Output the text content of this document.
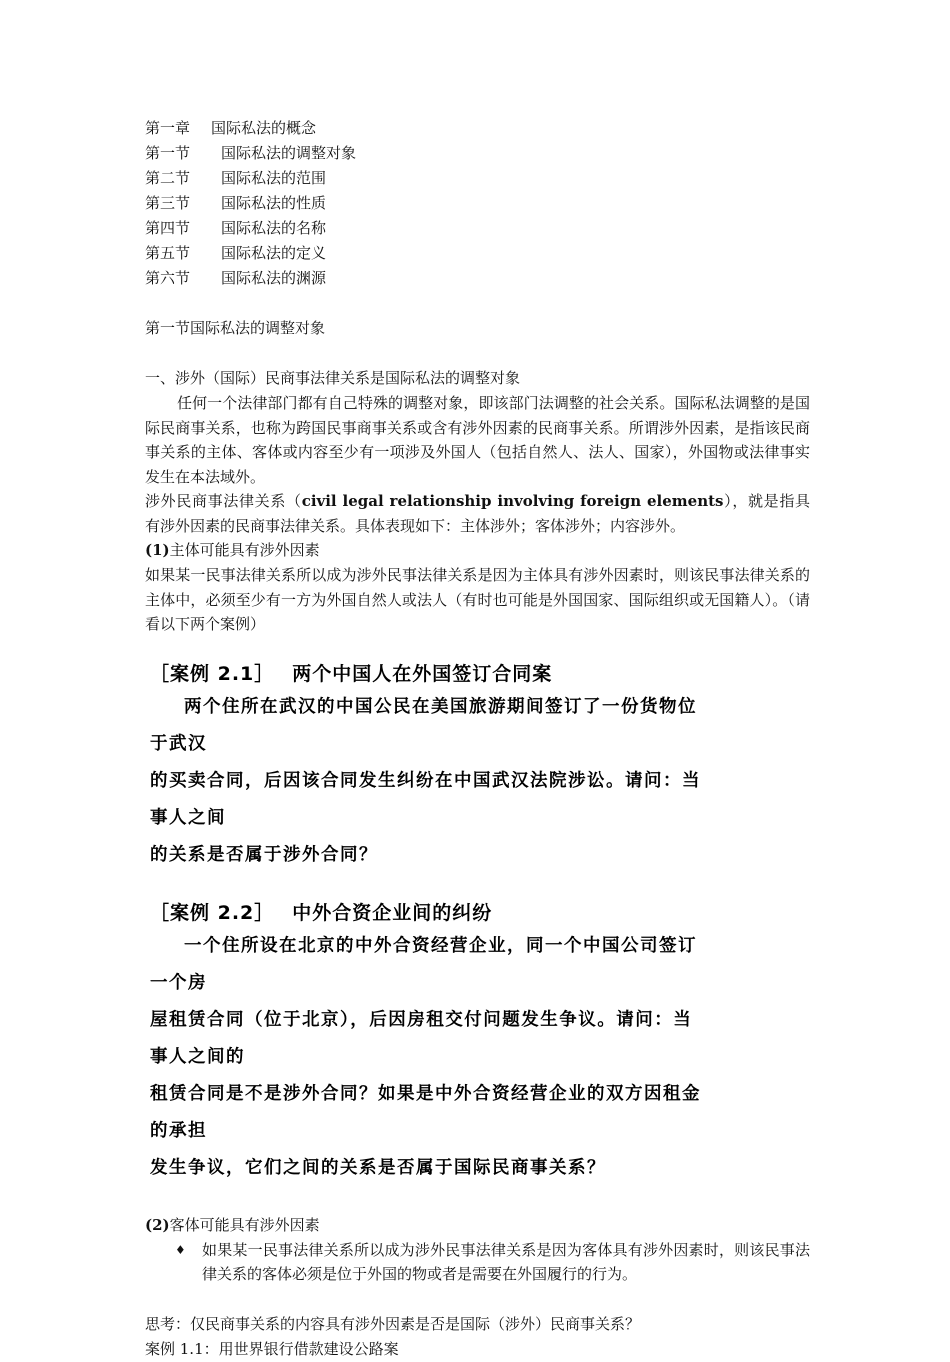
第一章	国际私法的概念
第一节	国际私法的调整对象
第二节	国际私法的范围
第三节	国际私法的性质
第四节	国际私法的名称
第五节	国际私法的定义
第六节	国际私法的渊源
第一节国际私法的调整对象
一、涉外（国际）民商事法律关系是国际私法的调整对象
任何一个法律部门都有自己特殊的调整对象，即该部门法调整的社会关系。国际私法调整的是国际民商事关系，也称为跨国民事商事关系或含有涉外因素的民商事关系。所谓涉外因素，是指该民商事关系的主体、客体或内容至少有一项涉及外国人（包括自然人、法人、国家），外国物或法律事实发生在本法域外。
涉外民商事法律关系（civil legal relationship involving foreign elements），就是指具有涉外因素的民商事法律关系。具体表现如下：主体涉外；客体涉外；内容涉外。
(1)主体可能具有涉外因素
如果某一民事法律关系所以成为涉外民事法律关系是因为主体具有涉外因素时，则该民事法律关系的主体中，必须至少有一方为外国自然人或法人（有时也可能是外国国家、国际组织或无国籍人）。（请看以下两个案例）
［案例 2.1］ 两个中国人在外国签订合同案
两个住所在武汉的中国公民在美国旅游期间签订了一份货物位于武汉
的买卖合同，后因该合同发生纠纷在中国武汉法院涉讼。请问：当事人之间
的关系是否属于涉外合同？
［案例 2.2］ 中外合资企业间的纠纷
一个住所设在北京的中外合资经营企业，同一个中国公司签订一个房
屋租赁合同（位于北京），后因房租交付问题发生争议。请问：当事人之间的
租赁合同是不是涉外合同？如果是中外合资经营企业的双方因租金的承担
发生争议，它们之间的关系是否属于国际民商事关系？
(2)客体可能具有涉外因素
♦	如果某一民事法律关系所以成为涉外民事法律关系是因为客体具有涉外因素时，则该民事法律关系的客体必须是位于外国的物或者是需要在外国履行的行为。
思考：仅民商事关系的内容具有涉外因素是否是国际（涉外）民商事关系？
案例 1.1：用世界银行借款建设公路案
